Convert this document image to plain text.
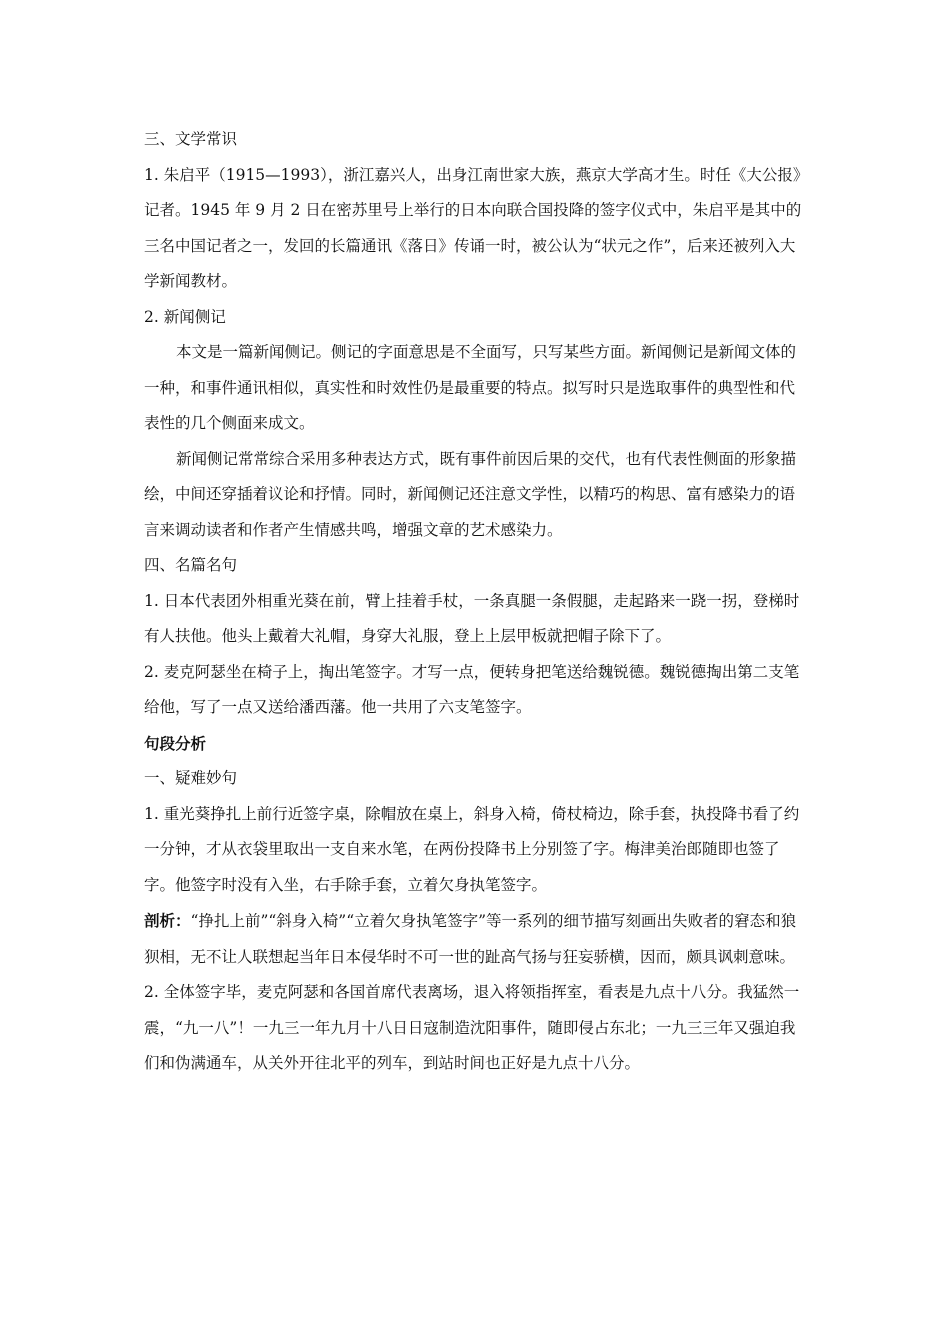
三、文学常识

1. 朱启平（1915—1993），浙江嘉兴人，出身江南世家大族，燕京大学高才生。时任《大公报》记者。1945 年 9 月 2 日在密苏里号上举行的日本向联合国投降的签字仪式中，朱启平是其中的三名中国记者之一，发回的长篇通讯《落日》传诵一时，被公认为“状元之作”，后来还被列入大学新闻教材。

2. 新闻侧记

本文是一篇新闻侧记。侧记的字面意思是不全面写，只写某些方面。新闻侧记是新闻文体的一种，和事件通讯相似，真实性和时效性仍是最重要的特点。拟写时只是选取事件的典型性和代表性的几个侧面来成文。

新闻侧记常常综合采用多种表达方式，既有事件前因后果的交代，也有代表性侧面的形象描绘，中间还穿插着议论和抒情。同时，新闻侧记还注意文学性，以精巧的构思、富有感染力的语言来调动读者和作者产生情感共鸣，增强文章的艺术感染力。

四、名篇名句

1. 日本代表团外相重光葵在前，臂上挂着手杖，一条真腿一条假腿，走起路来一跷一拐，登梯时有人扶他。他头上戴着大礼帽，身穿大礼服，登上上层甲板就把帽子除下了。

2. 麦克阿瑟坐在椅子上，掏出笔签字。才写一点，便转身把笔送给魏锐德。魏锐德掏出第二支笔给他，写了一点又送给潘西藩。他一共用了六支笔签字。

句段分析

一、疑难妙句

1. 重光葵挣扎上前行近签字桌，除帽放在桌上，斜身入椅，倚杖椅边，除手套，执投降书看了约一分钟，才从衣袋里取出一支自来水笔，在两份投降书上分别签了字。梅津美治郎随即也签了字。他签字时没有入坐，右手除手套，立着欠身执笔签字。

剖析：“挣扎上前”“斜身入椅”“立着欠身执笔签字”等一系列的细节描写刻画出失败者的窘态和狼狈相，无不让人联想起当年日本侵华时不可一世的趾高气扬与狂妄骄横，因而，颇具讽刺意味。

2. 全体签字毕，麦克阿瑟和各国首席代表离场，退入将领指挥室，看表是九点十八分。我猛然一震，“九一八”！一九三一年九月十八日日寇制造沈阳事件，随即侵占东北；一九三三年又强迫我们和伪满通车，从关外开往北平的列车，到站时间也正好是九点十八分。
